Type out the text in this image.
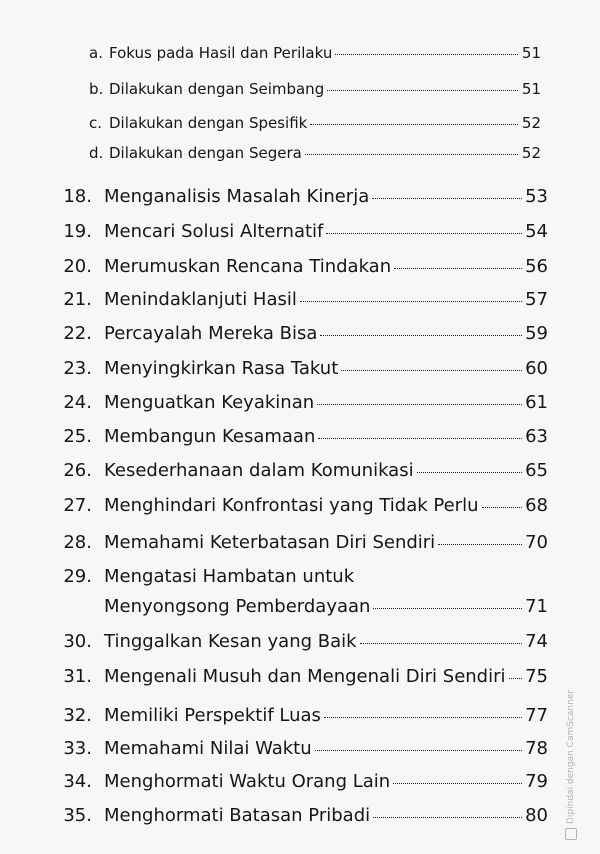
a. Fokus pada Hasil dan Perilaku	51
b. Dilakukan dengan Seimbang	51
c. Dilakukan dengan Spesifik	52
d. Dilakukan dengan Segera	52
18. Menganalisis Masalah Kinerja	53
19. Mencari Solusi Alternatif	54
20. Merumuskan Rencana Tindakan	56
21. Menindaklanjuti Hasil	57
22. Percayalah Mereka Bisa	59
23. Menyingkirkan Rasa Takut	60
24. Menguatkan Keyakinan	61
25. Membangun Kesamaan	63
26. Kesederhanaan dalam Komunikasi	65
27. Menghindari Konfrontasi yang Tidak Perlu	68
28. Memahami Keterbatasan Diri Sendiri	70
29. Mengatasi Hambatan untuk
Menyongsong Pemberdayaan	71
30. Tinggalkan Kesan yang Baik	74
31. Mengenali Musuh dan Mengenali Diri Sendiri 75
32. Memiliki Perspektif Luas	77
33. Memahami Nilai Waktu	78
34. Menghormati Waktu Orang Lain	79
35. Menghormati Batasan Pribadi	80 Dipindai dengan CamScanner
